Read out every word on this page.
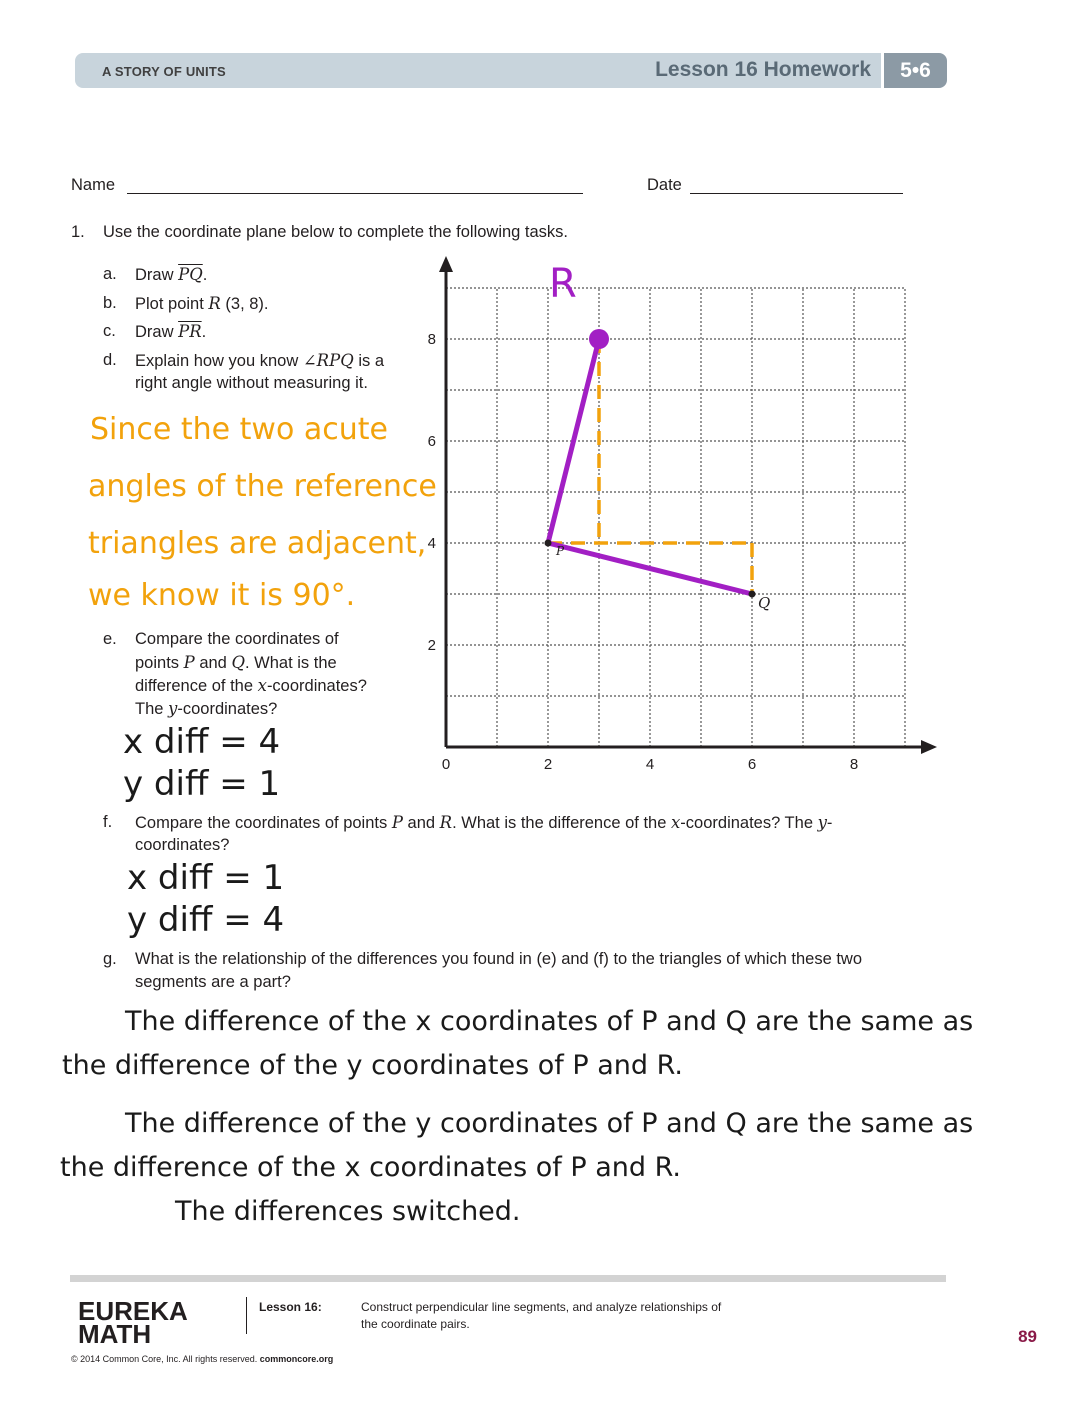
A STORY OF UNITS	Lesson 16 Homework	5•6
Name	Date
1. Use the coordinate plane below to complete the following tasks.
a. Draw $\overline{PQ}$.
b. Plot point R (3, 8).
c. Draw $\overline{PR}$.
d. Explain how you know ∠RPQ is a
right angle without measuring it.
Since the two acute
angles of the reference
triangles are adjacent,
we know it is 90°.
e. Compare the coordinates of
points P and Q. What is the
difference of the x-coordinates?
The y-coordinates?
x diff = 4
y diff = 1
f. Compare the coordinates of points P and R. What is the difference of the x-coordinates? The y-
coordinates?
x diff = 1
y diff = 4
g. What is the relationship of the differences you found in (e) and (f) to the triangles of which these two
segments are a part?
The difference of the x coordinates of P and Q are the same as
the difference of the y coordinates of P and R.
The difference of the y coordinates of P and Q are the same as
the difference of the x coordinates of P and R.
The differences switched.
0	2	4	6	8
2
4
6
8
Q
P
R
EUREKA
MATH
Lesson 16:	Construct perpendicular line segments, and analyze relationships of
the coordinate pairs.
© 2014 Common Core, Inc. All rights reserved. commoncore.org
89
